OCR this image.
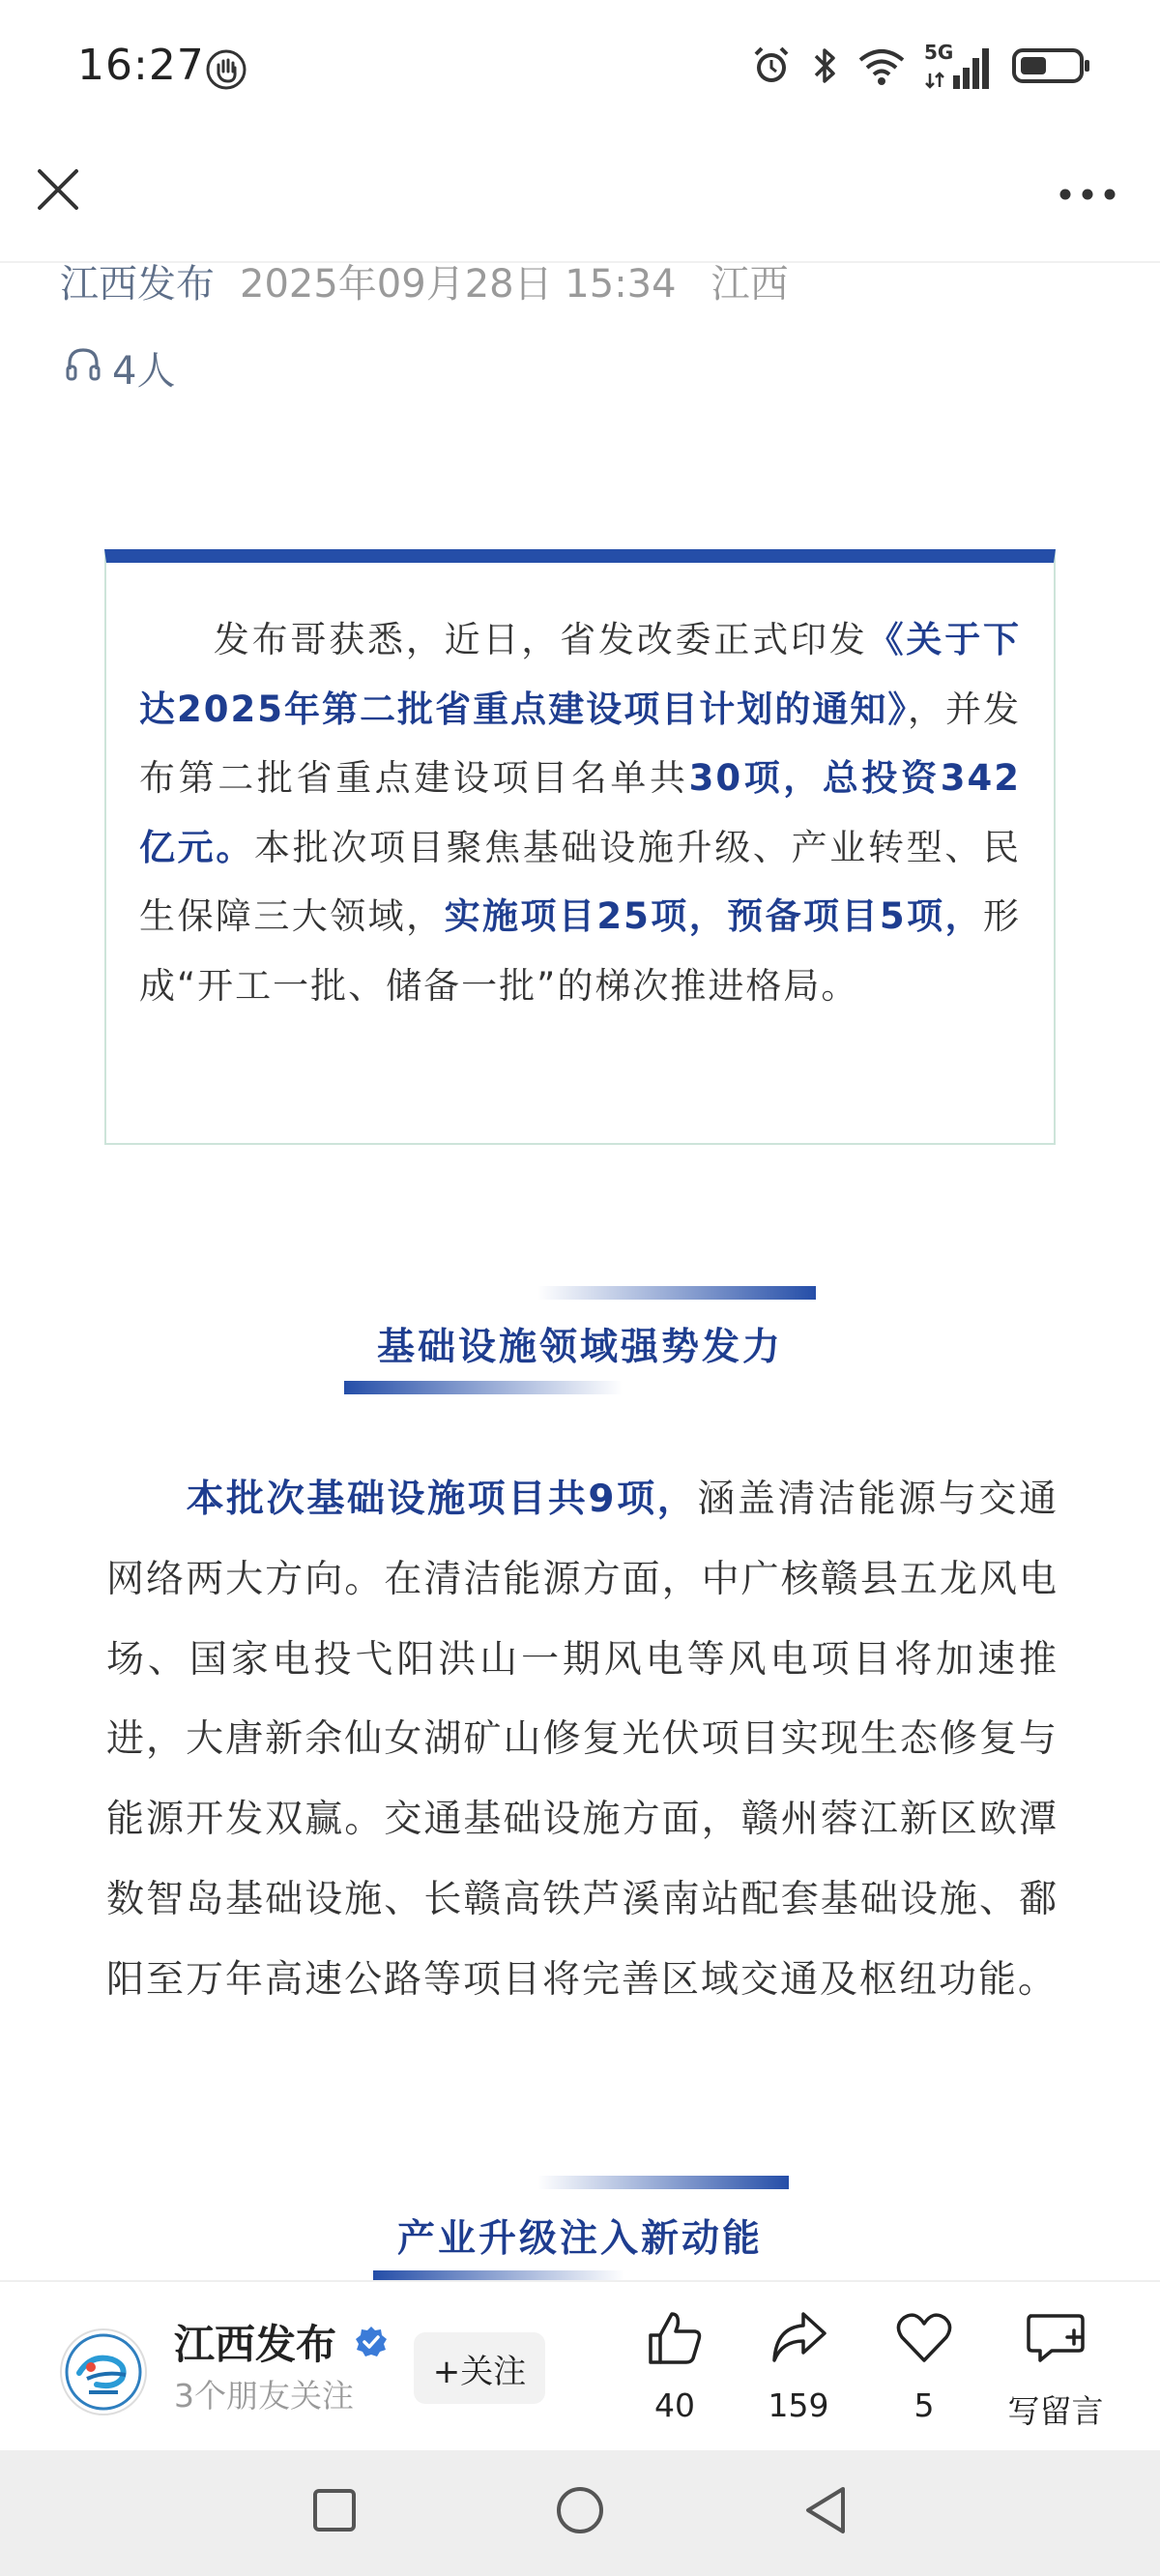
16:27	5G
江西发布 2025年09月28日 15:34 江西
4人
发布哥获悉，近日，省发改委正式印发《关于下达2025年第二批省重点建设项目计划的通知》，并发布第二批省重点建设项目名单共30项，总投资342亿元。本批次项目聚焦基础设施升级、产业转型、民生保障三大领域，实施项目25项，预备项目5项，形成“开工一批、储备一批”的梯次推进格局。
基础设施领域强势发力
本批次基础设施项目共9项，涵盖清洁能源与交通网络两大方向。在清洁能源方面，中广核赣县五龙风电场、国家电投弋阳洪山一期风电等风电项目将加速推进，大唐新余仙女湖矿山修复光伏项目实现生态修复与能源开发双赢。交通基础设施方面，赣州蓉江新区欧潭数智岛基础设施、长赣高铁芦溪南站配套基础设施、鄱阳至万年高速公路等项目将完善区域交通及枢纽功能。
产业升级注入新动能
江西发布
3个朋友关注
+关注
40 159	5 写留言
